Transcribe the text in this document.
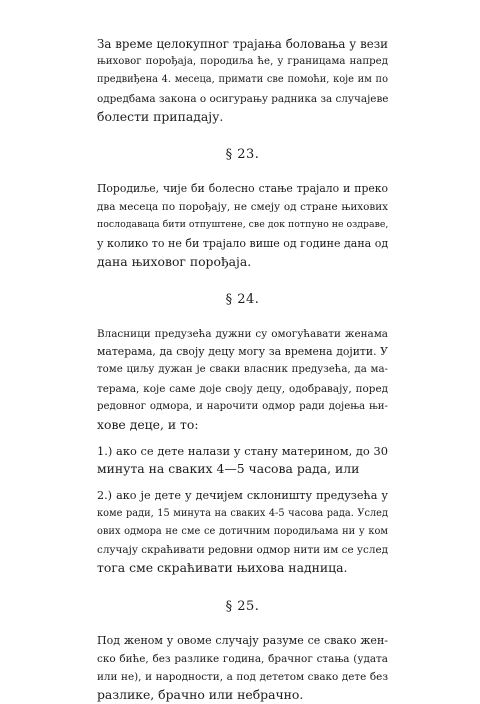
За време целокупног трајања боловања у вези
њиховог порођаја, породиља ће, у границама напред
предвиђена 4. месеца, примати све помоћи, које им по
одредбама закона о осигурању радника за случајеве
болести припадају.

§ 23.

Породиље, чије би болесно стање трајало и преко
два месеца по порођају, не смеју од стране њихових
послодаваца бити отпуштене, све док потпуно не оздраве,
у колико то не би трајало више од године дана од
дана њиховог порођаја.

§ 24.

Власници предузећа дужни су омогућавати женама
матерама, да своју децу могу за времена дојити. У
томе циљу дужан је сваки власник предузећа, да ма-
терама, које саме доје своју децу, одобравају, поред
редовног одмора, и нарочити одмор ради дојења њи-
хове деце, и то:

1.) ако се дете налази у стану материном, до 30
минута на сваких 4—5 часова рада, или

2.) ако је дете у дечијем склоништу предузећа у
коме ради, 15 минута на сваких 4-5 часова рада. Услед
ових одмора не сме се дотичним породиљама ни у ком
случају скраћивати редовни одмор нити им се услед
тога сме скраћивати њихова надница.

§ 25.

Под женом у овоме случају разуме се свако жен-
ско биће, без разлике година, брачног стања (удата
или не), и народности, а под дететом свако дете без
разлике, брачно или небрачно.
